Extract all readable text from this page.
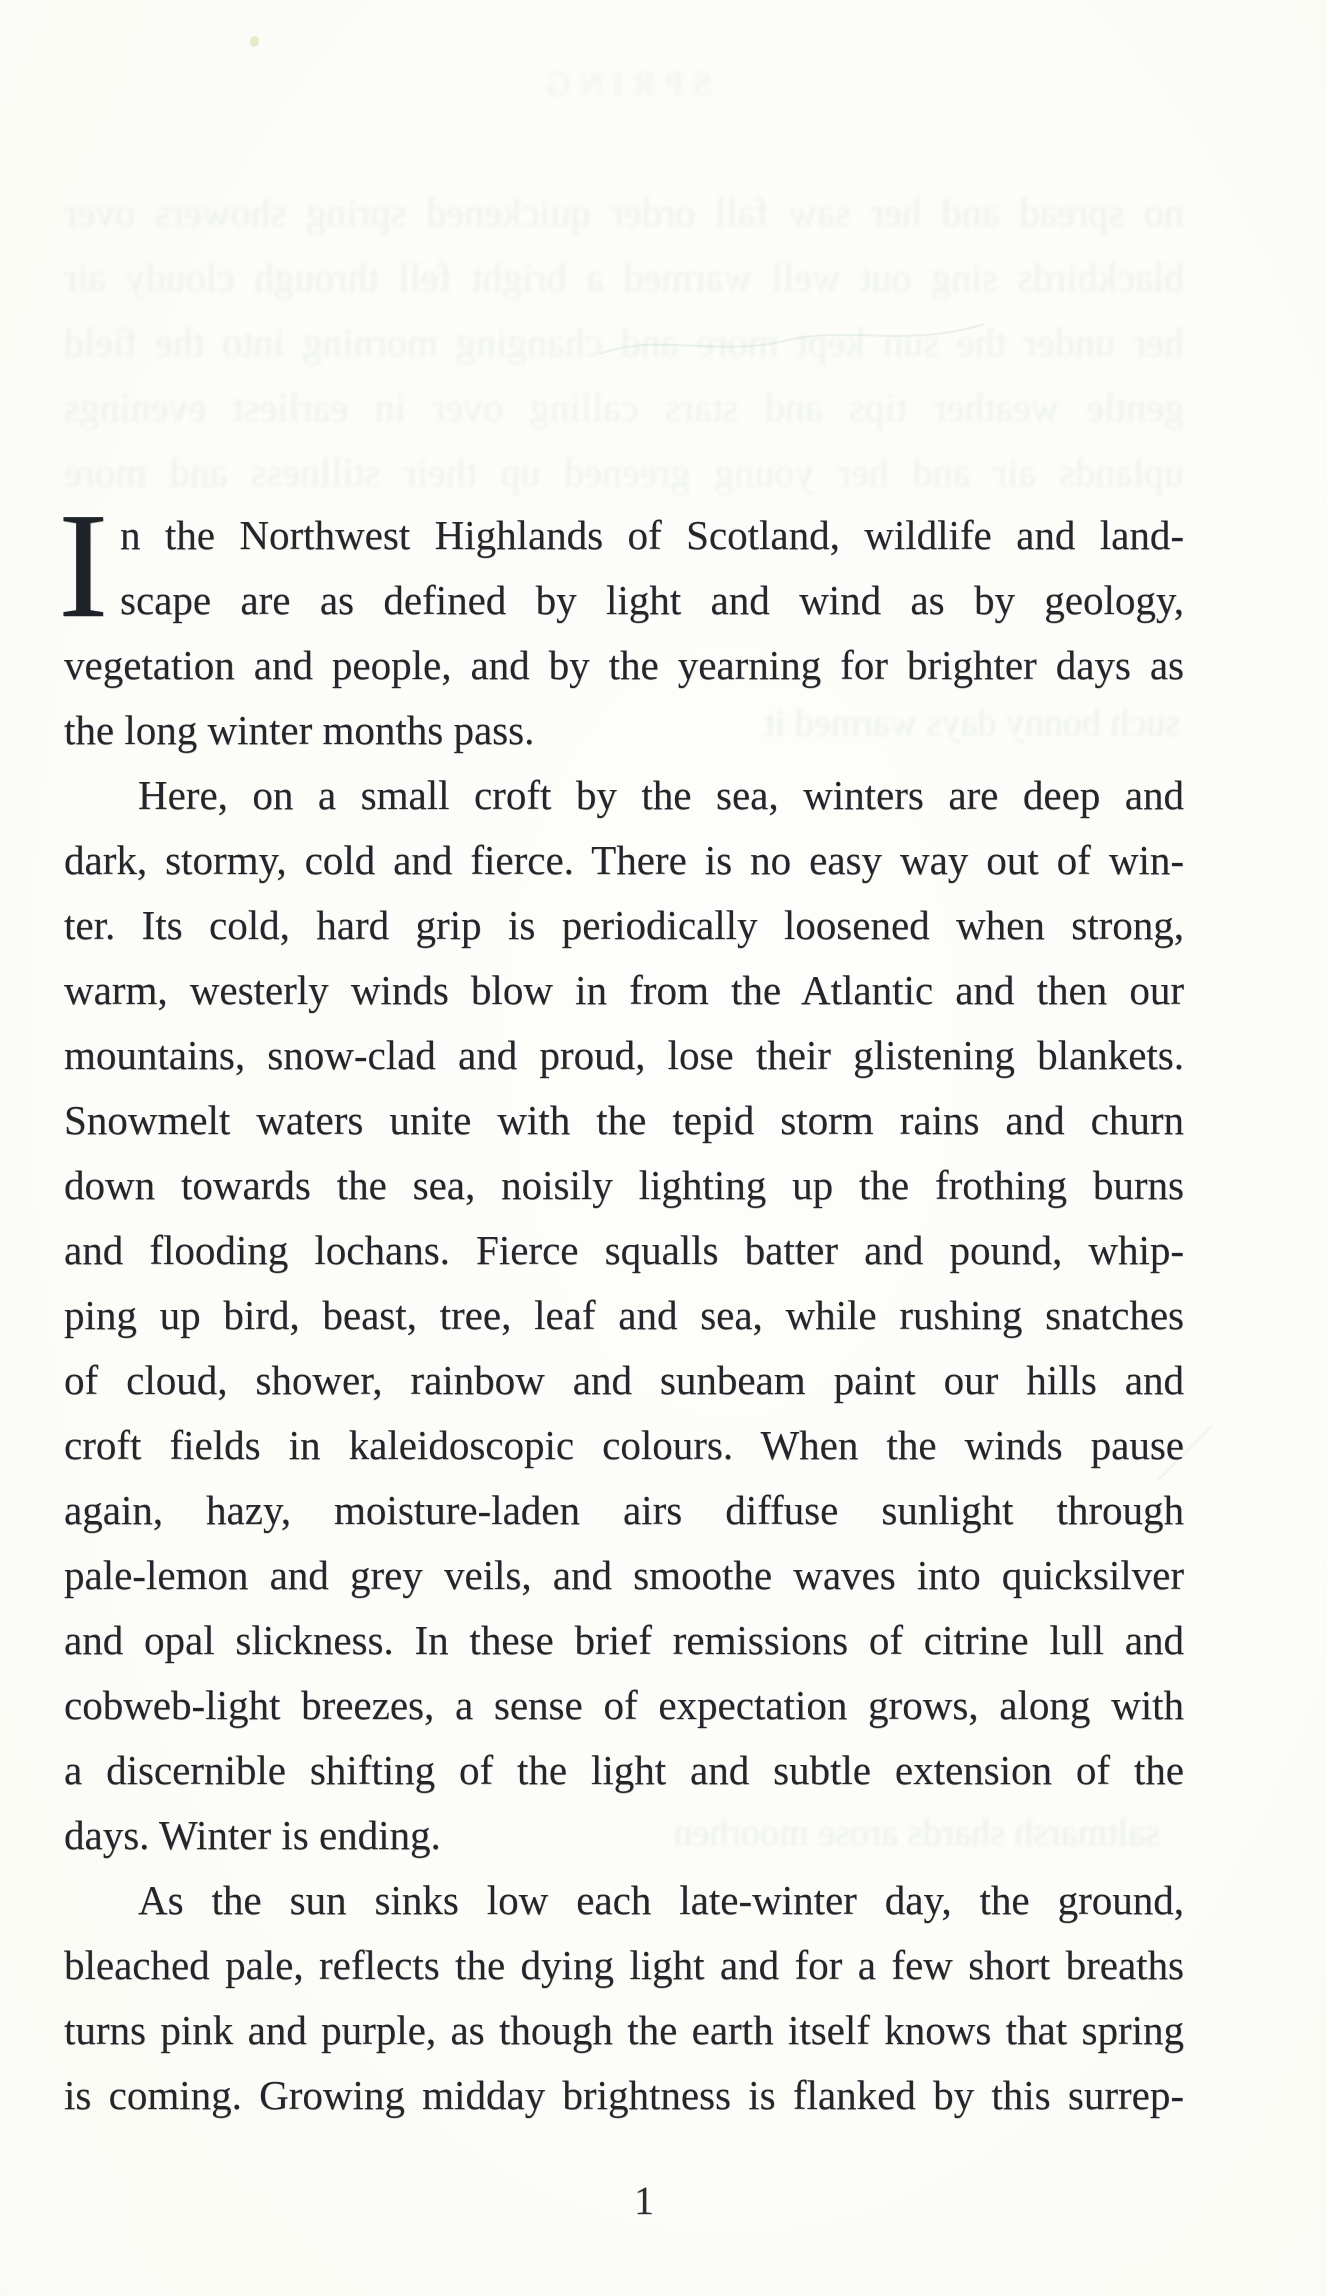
SPRING
no spread and her saw fall order quickened spring showers over
blackbirds sing out well warmed a bright fell through cloudy air
her under the sun kept more and changing morning into the field
gentle weather tips and stars calling over in earliest evenings
uplands air and her young greened up their stillness and more
such bonny days warmed it
saltmarsh shards arose moorhen
I n the Northwest Highlands of Scotland, wildlife and land-
scape are as defined by light and wind as by geology,
vegetation and people, and by the yearning for brighter days as
the long winter months pass.
Here, on a small croft by the sea, winters are deep and
dark, stormy, cold and fierce. There is no easy way out of win-
ter. Its cold, hard grip is periodically loosened when strong,
warm, westerly winds blow in from the Atlantic and then our
mountains, snow-clad and proud, lose their glistening blankets.
Snowmelt waters unite with the tepid storm rains and churn
down towards the sea, noisily lighting up the frothing burns
and flooding lochans. Fierce squalls batter and pound, whip-
ping up bird, beast, tree, leaf and sea, while rushing snatches
of cloud, shower, rainbow and sunbeam paint our hills and
croft fields in kaleidoscopic colours. When the winds pause
again, hazy, moisture-laden airs diffuse sunlight through
pale-lemon and grey veils, and smoothe waves into quicksilver
and opal slickness. In these brief remissions of citrine lull and
cobweb-light breezes, a sense of expectation grows, along with
a discernible shifting of the light and subtle extension of the
days. Winter is ending.
As the sun sinks low each late-winter day, the ground,
bleached pale, reflects the dying light and for a few short breaths
turns pink and purple, as though the earth itself knows that spring
is coming. Growing midday brightness is flanked by this surrep-
1
